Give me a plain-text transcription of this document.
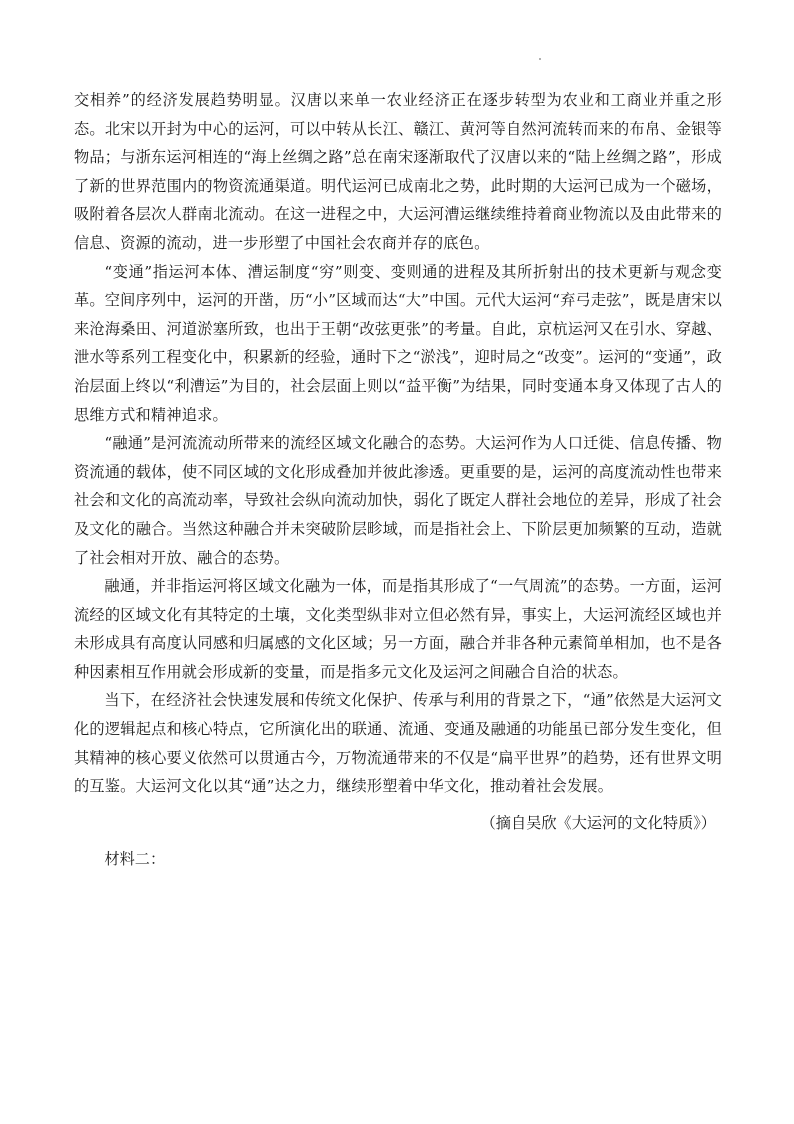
交相养”的经济发展趋势明显。汉唐以来单一农业经济正在逐步转型为农业和工商业并重之形态。北宋以开封为中心的运河，可以中转从长江、赣江、黄河等自然河流转而来的布帛、金银等物品；与浙东运河相连的“海上丝绸之路”总在南宋逐渐取代了汉唐以来的“陆上丝绸之路”，形成了新的世界范围内的物资流通渠道。明代运河已成南北之势，此时期的大运河已成为一个磁场，吸附着各层次人群南北流动。在这一进程之中，大运河漕运继续维持着商业物流以及由此带来的信息、资源的流动，进一步形塑了中国社会农商并存的底色。

“变通”指运河本体、漕运制度“穷”则变、变则通的进程及其所折射出的技术更新与观念变革。空间序列中，运河的开凿，历“小”区域而达“大”中国。元代大运河“弃弓走弦”，既是唐宋以来沧海桑田、河道淤塞所致，也出于王朝“改弦更张”的考量。自此，京杭运河又在引水、穿越、泄水等系列工程变化中，积累新的经验，通时下之“淤浅”，迎时局之“改变”。运河的“变通”，政治层面上终以“利漕运”为目的，社会层面上则以“益平衡”为结果，同时变通本身又体现了古人的思维方式和精神追求。

“融通”是河流流动所带来的流经区域文化融合的态势。大运河作为人口迁徙、信息传播、物资流通的载体，使不同区域的文化形成叠加并彼此渗透。更重要的是，运河的高度流动性也带来社会和文化的高流动率，导致社会纵向流动加快，弱化了既定人群社会地位的差异，形成了社会及文化的融合。当然这种融合并未突破阶层畛域，而是指社会上、下阶层更加频繁的互动，造就了社会相对开放、融合的态势。

融通，并非指运河将区域文化融为一体，而是指其形成了“一气周流”的态势。一方面，运河流经的区域文化有其特定的土壤，文化类型纵非对立但必然有异，事实上，大运河流经区域也并未形成具有高度认同感和归属感的文化区域；另一方面，融合并非各种元素简单相加，也不是各种因素相互作用就会形成新的变量，而是指多元文化及运河之间融合自洽的状态。

当下，在经济社会快速发展和传统文化保护、传承与利用的背景之下，“通”依然是大运河文化的逻辑起点和核心特点，它所演化出的联通、流通、变通及融通的功能虽已部分发生变化，但其精神的核心要义依然可以贯通古今，万物流通带来的不仅是“扁平世界”的趋势，还有世界文明的互鉴。大运河文化以其“通”达之力，继续形塑着中华文化，推动着社会发展。

（摘自吴欣《大运河的文化特质》）

材料二：
